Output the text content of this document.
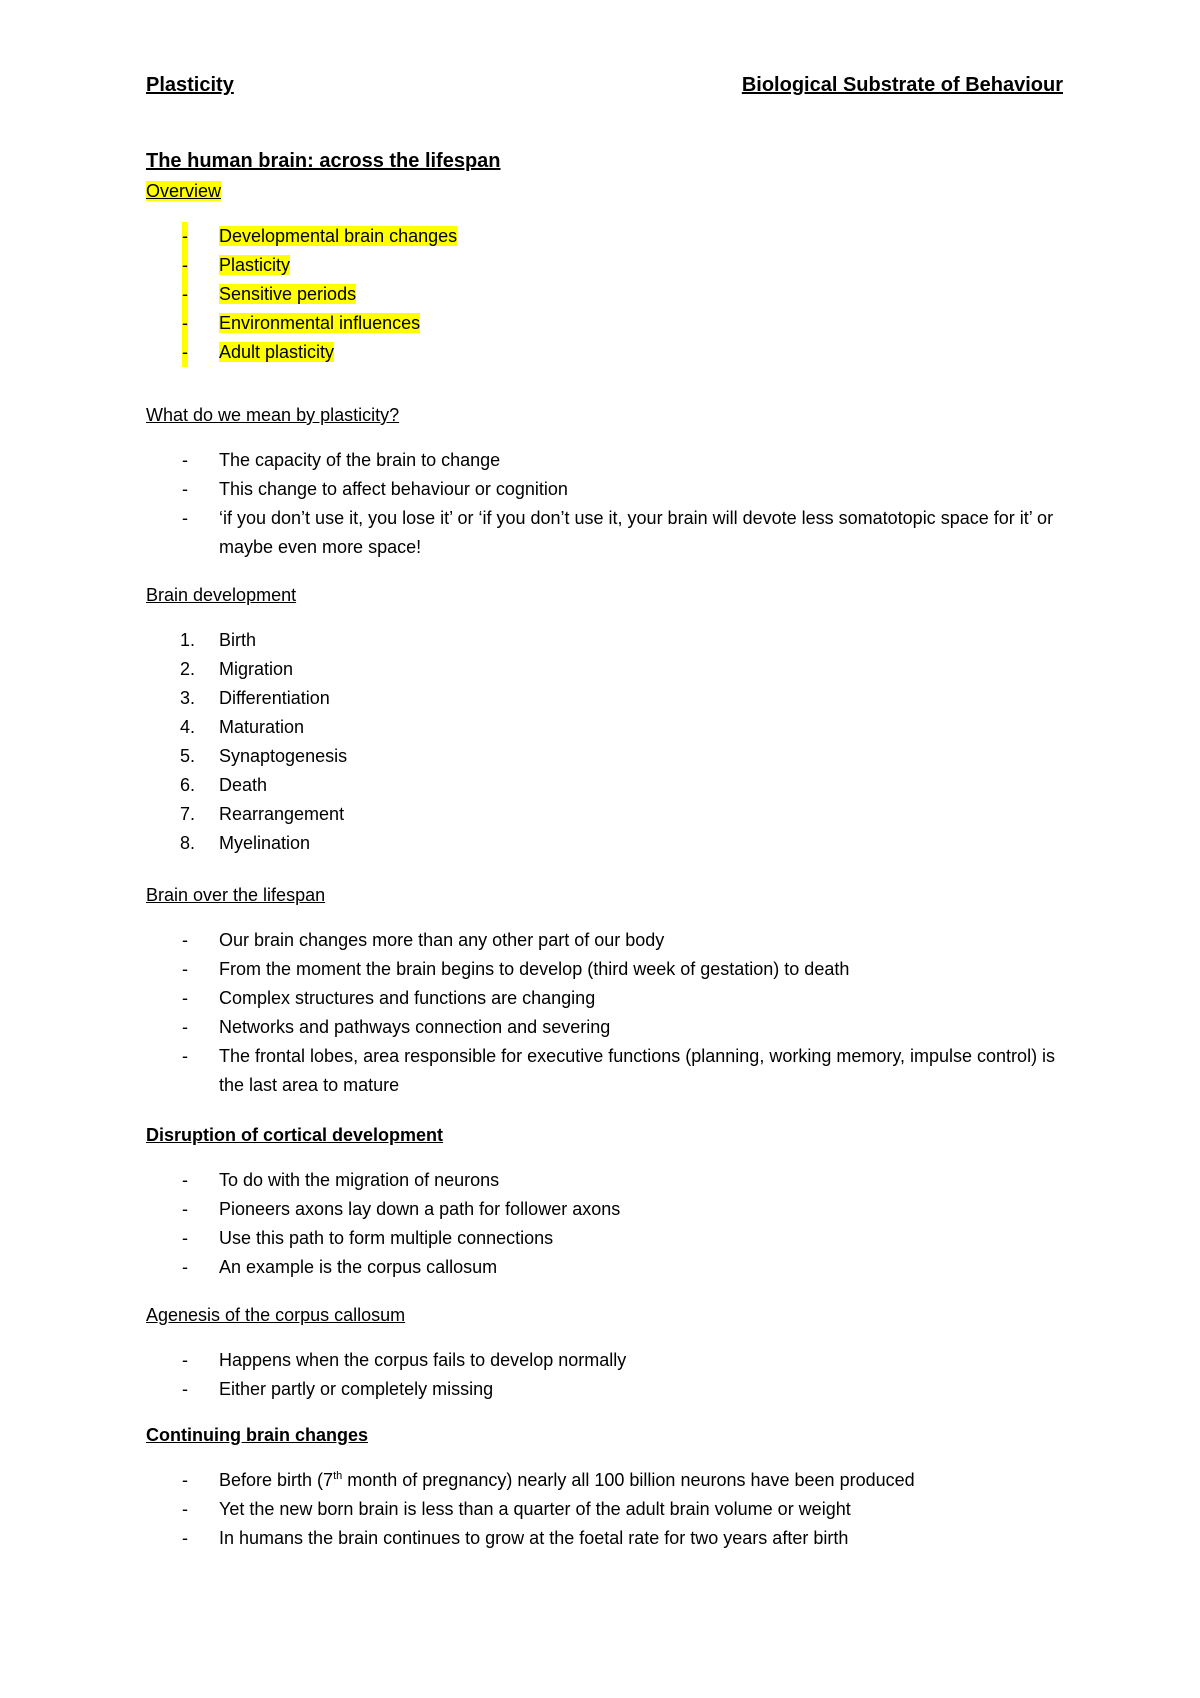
Plasticity	Biological Substrate of Behaviour
The human brain: across the lifespan
Overview
- Developmental brain changes
- Plasticity
- Sensitive periods
- Environmental influences
- Adult plasticity
What do we mean by plasticity?
- The capacity of the brain to change
- This change to affect behaviour or cognition
- ‘if you don’t use it, you lose it’ or ‘if you don’t use it, your brain will devote less somatotopic space for it’ or maybe even more space!
Brain development
1. Birth
2. Migration
3. Differentiation
4. Maturation
5. Synaptogenesis
6. Death
7. Rearrangement
8. Myelination
Brain over the lifespan
- Our brain changes more than any other part of our body
- From the moment the brain begins to develop (third week of gestation) to death
- Complex structures and functions are changing
- Networks and pathways connection and severing
- The frontal lobes, area responsible for executive functions (planning, working memory, impulse control) is the last area to mature
Disruption of cortical development
- To do with the migration of neurons
- Pioneers axons lay down a path for follower axons
- Use this path to form multiple connections
- An example is the corpus callosum
Agenesis of the corpus callosum
- Happens when the corpus fails to develop normally
- Either partly or completely missing
Continuing brain changes
- Before birth (7th month of pregnancy) nearly all 100 billion neurons have been produced
- Yet the new born brain is less than a quarter of the adult brain volume or weight
- In humans the brain continues to grow at the foetal rate for two years after birth
